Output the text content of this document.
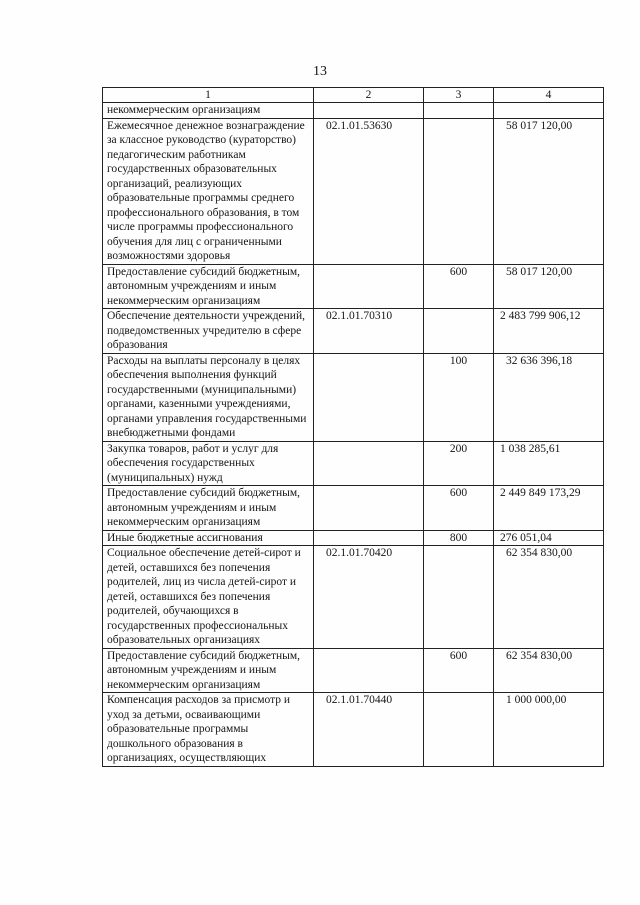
13
1	2	3	4
некоммерческим организациям			
Ежемесячное денежное вознаграждение за классное руководство (кураторство) педагогическим работникам государственных образовательных организаций, реализующих образовательные программы среднего профессионального образования, в том числе программы профессионального обучения для лиц с ограниченными возможностями здоровья	02.1.01.53630		58 017 120,00
Предоставление субсидий бюджетным, автономным учреждениям и иным некоммерческим организациям		600	58 017 120,00
Обеспечение деятельности учреждений, подведомственных учредителю в сфере образования	02.1.01.70310		2 483 799 906,12
Расходы на выплаты персоналу в целях обеспечения выполнения функций государственными (муниципальными) органами, казенными учреждениями, органами управления государственными внебюджетными фондами		100	32 636 396,18
Закупка товаров, работ и услуг для обеспечения государственных (муниципальных) нужд		200	1 038 285,61
Предоставление субсидий бюджетным, автономным учреждениям и иным некоммерческим организациям		600	2 449 849 173,29
Иные бюджетные ассигнования		800	276 051,04
Социальное обеспечение детей-сирот и детей, оставшихся без попечения родителей, лиц из числа детей-сирот и детей, оставшихся без попечения родителей, обучающихся в государственных профессиональных образовательных организациях	02.1.01.70420		62 354 830,00
Предоставление субсидий бюджетным, автономным учреждениям и иным некоммерческим организациям		600	62 354 830,00
Компенсация расходов за присмотр и уход за детьми, осваивающими образовательные программы дошкольного образования в организациях, осуществляющих	02.1.01.70440		1 000 000,00
